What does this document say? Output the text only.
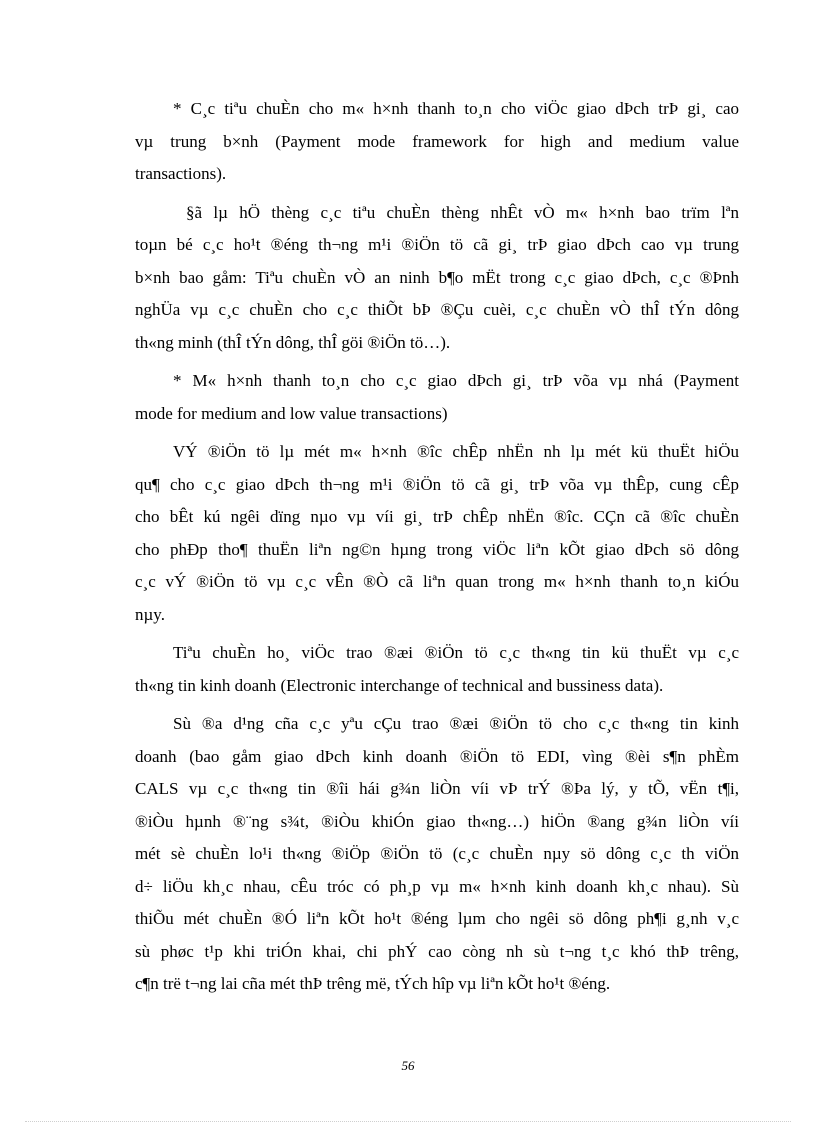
* C¸c tiªu chuÈn cho m« h×nh thanh to¸n cho viÖc giao dÞch trÞ gi¸ cao
vµ trung b×nh (Payment mode framework for high and medium value
transactions).
§ã lµ hÖ thèng c¸c tiªu chuÈn thèng nhÊt vÒ m« h×nh bao trïm lªn
toµn bé c¸c ho¹t ®éng th¬ng m¹i ®iÖn tö cã gi¸ trÞ giao dÞch cao vµ trung
b×nh bao gåm: Tiªu chuÈn vÒ an ninh b¶o mËt trong c¸c giao dÞch, c¸c ®Þnh
nghÜa vµ c¸c chuÈn cho c¸c thiÕt bÞ ®Çu cuèi, c¸c chuÈn vÒ thÎ tÝn dông
th«ng minh (thÎ tÝn dông, thÎ göi ®iÖn tö…).
* M« h×nh thanh to¸n cho c¸c giao dÞch gi¸ trÞ võa vµ nhá (Payment
mode for medium and low value transactions)
VÝ ®iÖn tö lµ mét m« h×nh ®îc chÊp nhËn nh lµ mét kü thuËt hiÖu
qu¶ cho c¸c giao dÞch th¬ng m¹i ®iÖn tö cã gi¸ trÞ võa vµ thÊp, cung cÊp
cho bÊt kú ngêi dïng nµo vµ víi gi¸ trÞ chÊp nhËn ®îc. CÇn cã ®îc chuÈn
cho phÐp tho¶ thuËn liªn ng©n hµng trong viÖc liªn kÕt giao dÞch sö dông
c¸c vÝ ®iÖn tö vµ c¸c vÊn ®Ò cã liªn quan trong m« h×nh thanh to¸n kiÓu
nµy.
Tiªu chuÈn ho¸ viÖc trao ®æi ®iÖn tö c¸c th«ng tin kü thuËt vµ c¸c
th«ng tin kinh doanh (Electronic interchange of technical and bussiness data).
Sù ®a d¹ng cña c¸c yªu cÇu trao ®æi ®iÖn tö cho c¸c th«ng tin kinh
doanh (bao gåm giao dÞch kinh doanh ®iÖn tö EDI, vìng ®èi s¶n phÈm
CALS vµ c¸c th«ng tin ®îi hái g¾n liÒn víi vÞ trÝ ®Þa lý, y tÕ, vËn t¶i,
®iÒu hµnh ®¨ng s¾t, ®iÒu khiÓn giao th«ng…) hiÖn ®ang g¾n liÒn víi
mét sè chuÈn lo¹i th«ng ®iÖp ®iÖn tö (c¸c chuÈn nµy sö dông c¸c th viÖn
d÷ liÖu kh¸c nhau, cÊu tróc có ph¸p vµ m« h×nh kinh doanh kh¸c nhau). Sù
thiÕu mét chuÈn ®Ó liªn kÕt ho¹t ®éng lµm cho ngêi sö dông ph¶i g¸nh v¸c
sù phøc t¹p khi triÓn khai, chi phÝ cao còng nh sù t¬ng t¸c khó thÞ trêng,
c¶n trë t¬ng lai cña mét thÞ trêng më, tÝch hîp vµ liªn kÕt ho¹t ®éng.
56
